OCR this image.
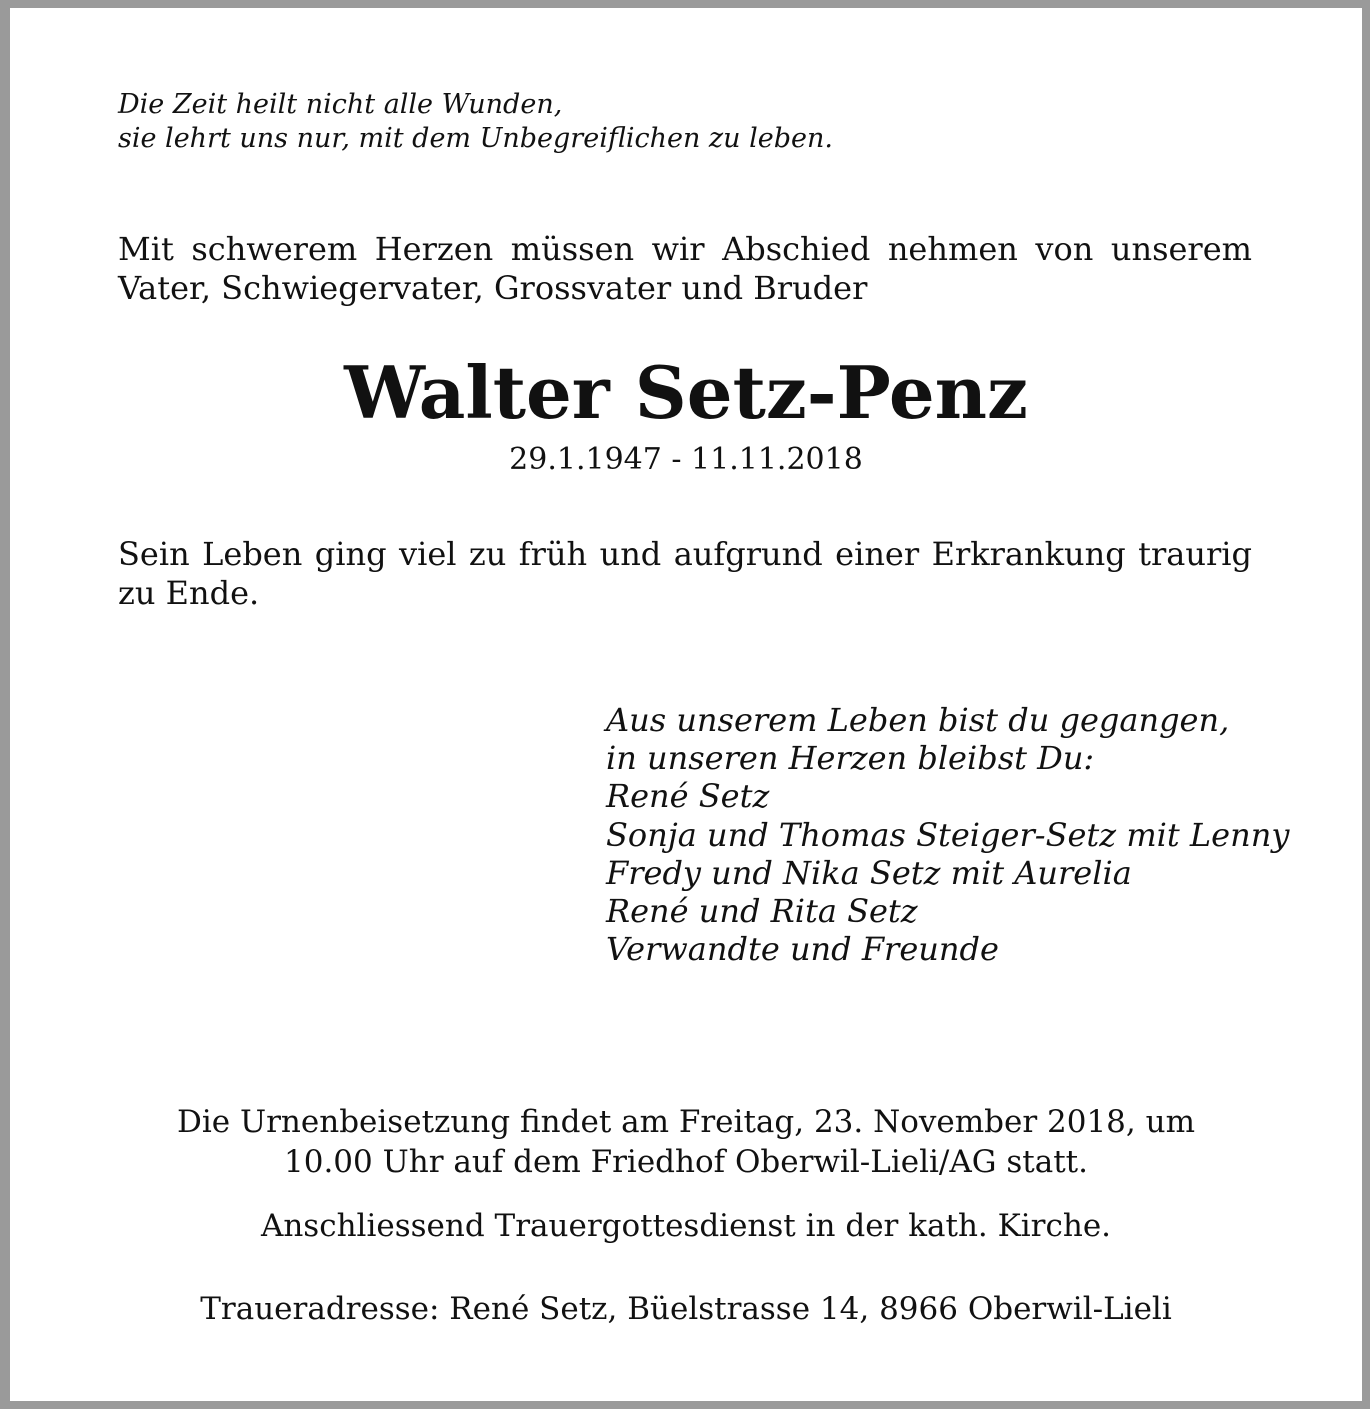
Die Zeit heilt nicht alle Wunden,
sie lehrt uns nur, mit dem Unbegreiflichen zu leben.
Mit schwerem Herzen müssen wir Abschied nehmen von unserem
Vater, Schwiegervater, Grossvater und Bruder
Walter Setz-Penz
29.1.1947 - 11.11.2018
Sein Leben ging viel zu früh und aufgrund einer Erkrankung traurig
zu Ende.
Aus unserem Leben bist du gegangen,
in unseren Herzen bleibst Du:
René Setz
Sonja und Thomas Steiger-Setz mit Lenny
Fredy und Nika Setz mit Aurelia
René und Rita Setz
Verwandte und Freunde
Die Urnenbeisetzung findet am Freitag, 23. November 2018, um
10.00 Uhr auf dem Friedhof Oberwil-Lieli/AG statt.
Anschliessend Trauergottesdienst in der kath. Kirche.
Traueradresse: René Setz, Büelstrasse 14, 8966 Oberwil-Lieli
